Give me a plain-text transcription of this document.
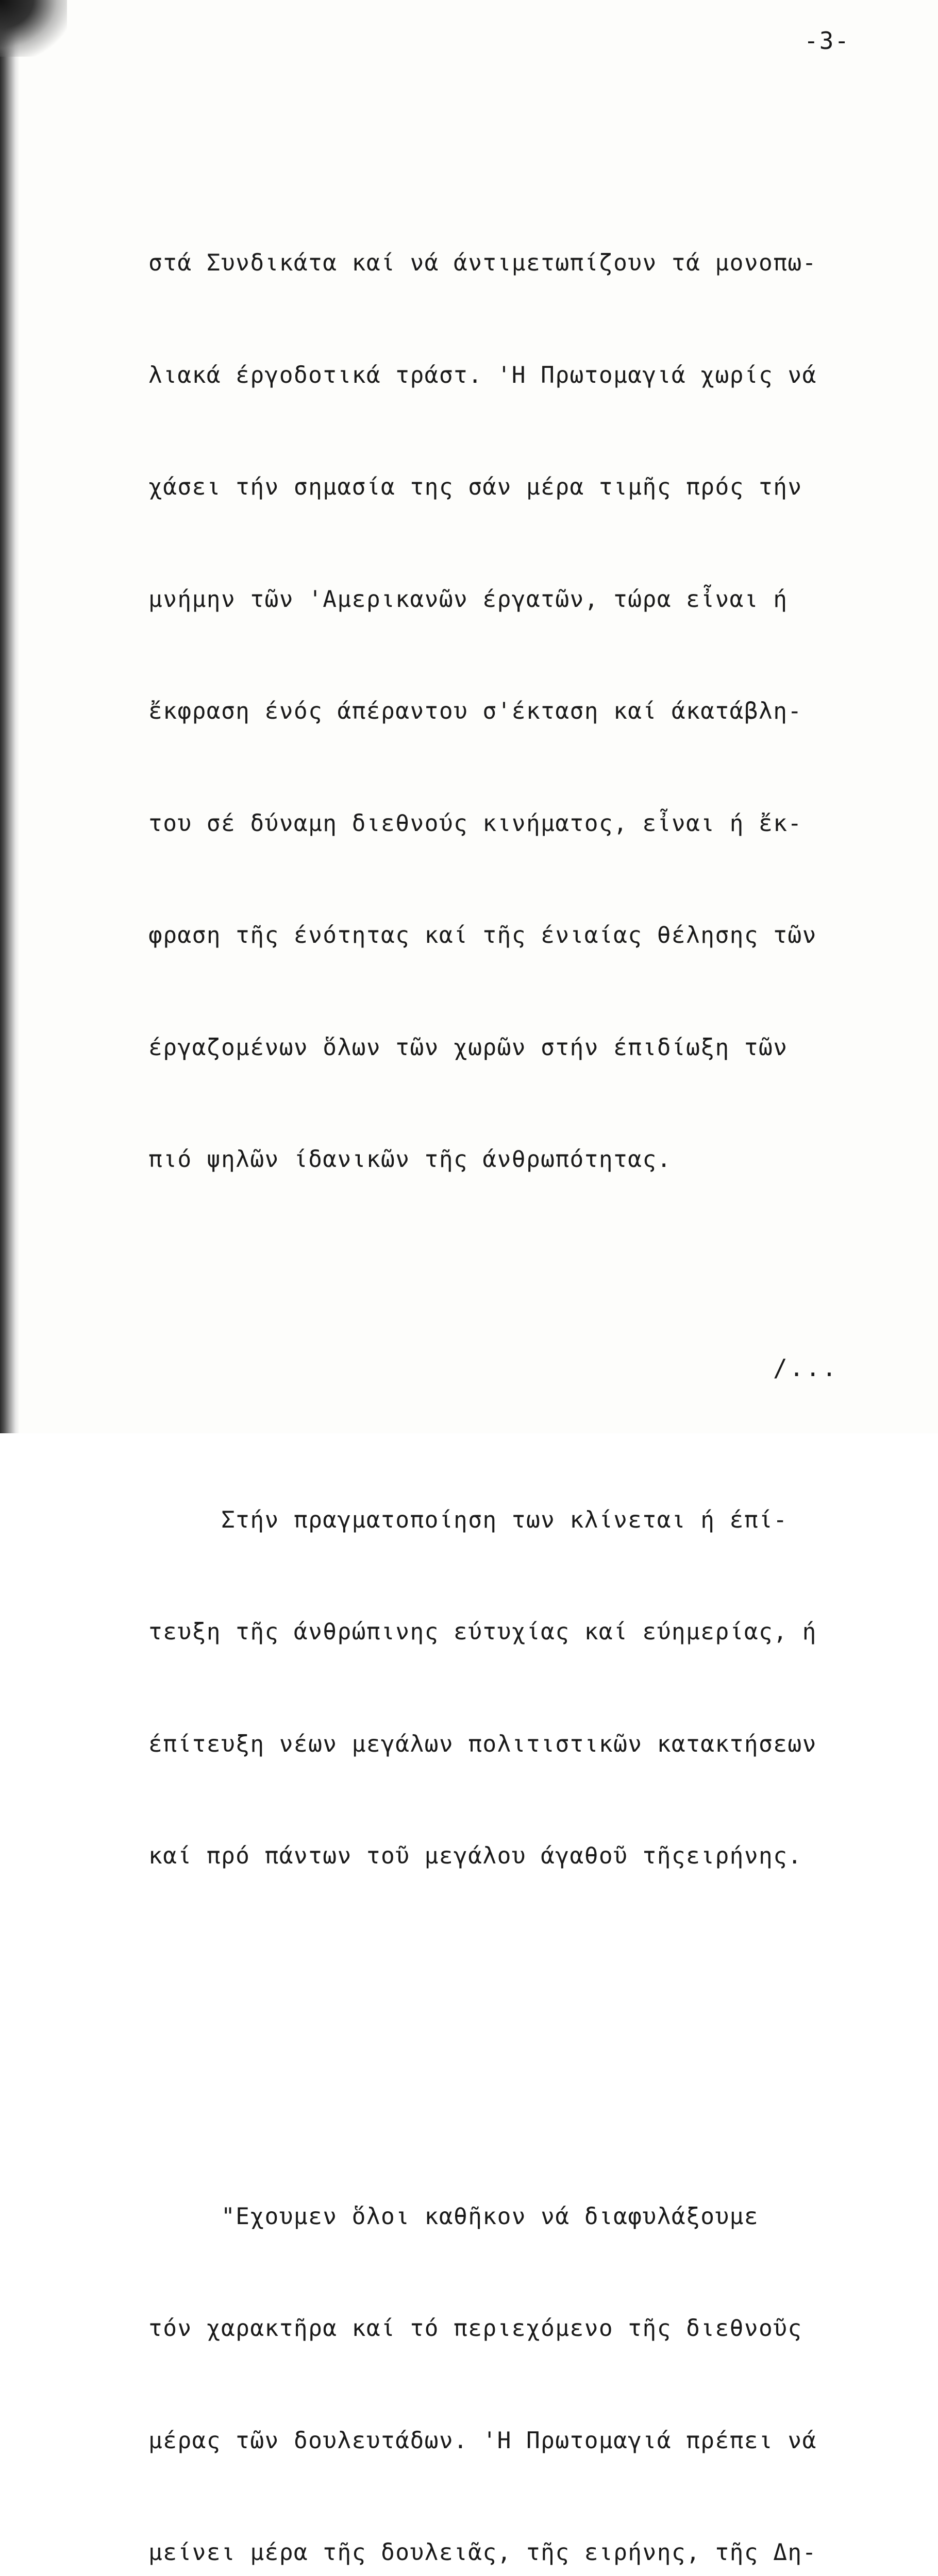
-3-

στά Συνδικάτα καί νά άντιμετωπίζουν τά μονοπω-

λιακά έργοδοτικά τράστ. 'Η Πρωτομαγιά χωρίς νά

χάσει τήν σημασία της σάν μέρα τιμῆς πρός τήν

μνήμην τῶν 'Αμερικανῶν έργατῶν, τώρα εἶναι ή

ἔκφραση ένός άπέραντου σ'έκταση καί άκατάβλη-

του σέ δύναμη διεθνούς κινήματος, εἶναι ή ἔκ-

φραση τῆς ένότητας καί τῆς ένιαίας θέλησης τῶν

έργαζομένων ὅλων τῶν χωρῶν στήν έπιδίωξη τῶν

πιό ψηλῶν ίδανικῶν τῆς άνθρωπότητας.

Στήν πραγματοποίηση των κλίνεται ή έπί-

τευξη τῆς άνθρώπινης εύτυχίας καί εύημερίας, ή

έπίτευξη νέων μεγάλων πολιτιστικῶν κατακτήσεων

καί πρό πάντων τοῦ μεγάλου άγαθοῦ τῆςειρήνης.

"Εχουμεν ὅλοι καθῆκον νά διαφυλάξουμε

τόν χαρακτῆρα καί τό περιεχόμενο τῆς διεθνοῦς

μέρας τῶν δουλευτάδων. 'Η Πρωτομαγιά πρέπει νά

μείνει μέρα τῆς δουλειᾶς, τῆς ειρήνης, τῆς Δη-

/...
